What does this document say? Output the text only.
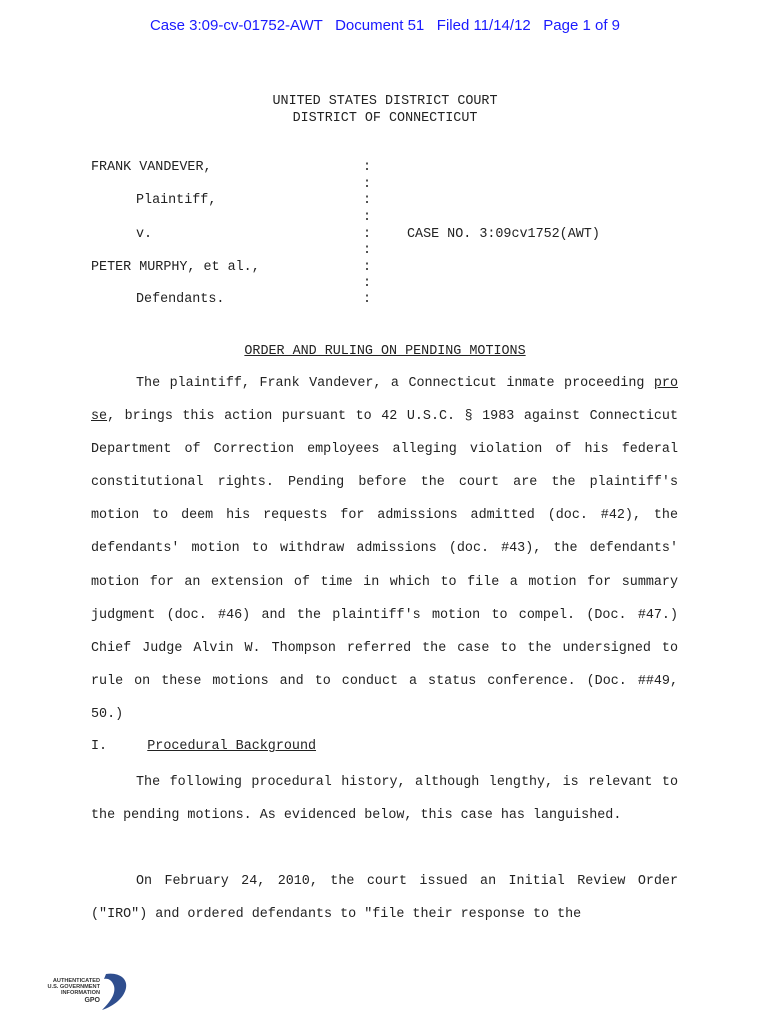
Case 3:09-cv-01752-AWT Document 51 Filed 11/14/12 Page 1 of 9
UNITED STATES DISTRICT COURT
DISTRICT OF CONNECTICUT
FRANK VANDEVER,
Plaintiff,
v.
PETER MURPHY, et al.,
Defendants.
CASE NO. 3:09cv1752(AWT)
:
:
:
:
:
:
:
:
:
ORDER AND RULING ON PENDING MOTIONS
The plaintiff, Frank Vandever, a Connecticut inmate proceeding pro se, brings this action pursuant to 42 U.S.C. § 1983 against Connecticut Department of Correction employees alleging violation of his federal constitutional rights. Pending before the court are the plaintiff's motion to deem his requests for admissions admitted (doc. #42), the defendants' motion to withdraw admissions (doc. #43), the defendants' motion for an extension of time in which to file a motion for summary judgment (doc. #46) and the plaintiff's motion to compel. (Doc. #47.) Chief Judge Alvin W. Thompson referred the case to the undersigned to rule on these motions and to conduct a status conference. (Doc. ##49, 50.)
I.	Procedural Background
The following procedural history, although lengthy, is relevant to the pending motions. As evidenced below, this case has languished.
On February 24, 2010, the court issued an Initial Review Order ("IRO") and ordered defendants to "file their response to the
AUTHENTICATED
U.S. GOVERNMENT
INFORMATION
GPO
